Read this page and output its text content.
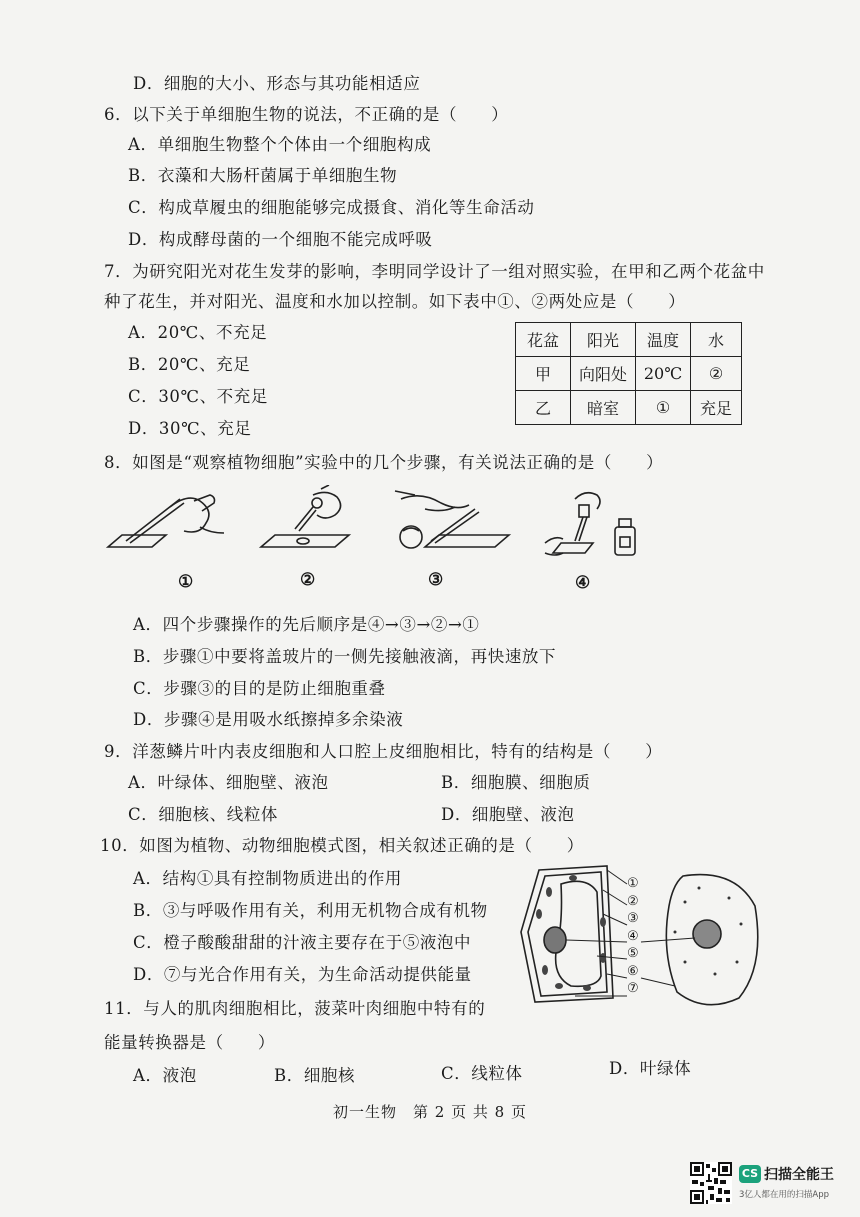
D．细胞的大小、形态与其功能相适应
6．以下关于单细胞生物的说法，不正确的是（　　）
A．单细胞生物整个个体由一个细胞构成
B．衣藻和大肠杆菌属于单细胞生物
C．构成草履虫的细胞能够完成摄食、消化等生命活动
D．构成酵母菌的一个细胞不能完成呼吸
7．为研究阳光对花生发芽的影响，李明同学设计了一组对照实验，在甲和乙两个花盆中
种了花生，并对阳光、温度和水加以控制。如下表中①、②两处应是（　　）
A．20℃、不充足
B．20℃、充足
C．30℃、不充足
D．30℃、充足
花盆	阳光	温度	水
甲	向阳处	20℃	②
乙	暗室	①	充足
8．如图是“观察植物细胞”实验中的几个步骤，有关说法正确的是（　　）
①	②	③	④
A．四个步骤操作的先后顺序是④→③→②→①
B．步骤①中要将盖玻片的一侧先接触液滴，再快速放下
C．步骤③的目的是防止细胞重叠
D．步骤④是用吸水纸擦掉多余染液
9．洋葱鳞片叶内表皮细胞和人口腔上皮细胞相比，特有的结构是（　　）
A．叶绿体、细胞壁、液泡	B．细胞膜、细胞质
C．细胞核、线粒体	D．细胞壁、液泡
10．如图为植物、动物细胞模式图，相关叙述正确的是（　　）
A．结构①具有控制物质进出的作用
B．③与呼吸作用有关，利用无机物合成有机物
C．橙子酸酸甜甜的汁液主要存在于⑤液泡中
D．⑦与光合作用有关，为生命活动提供能量
①
②
③
④
⑤
⑥
⑦
11．与人的肌肉细胞相比，菠菜叶肉细胞中特有的
能量转换器是（　　）
A．液泡	B．细胞核	C．线粒体	D．叶绿体
初一生物　第 2 页 共 8 页
CS 扫描全能王
3亿人都在用的扫描App
